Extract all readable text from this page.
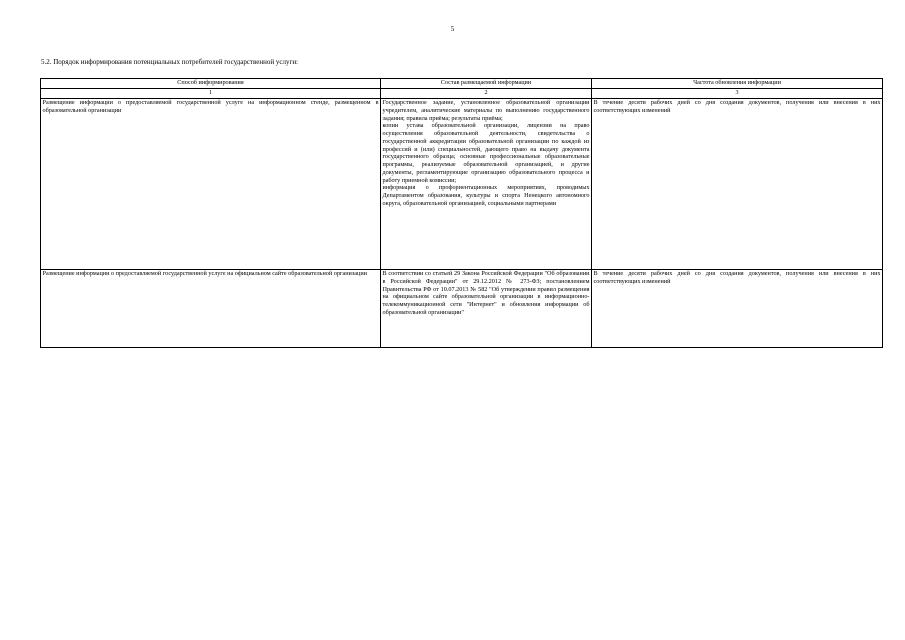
5
5.2. Порядок информирования потенциальных потребителей государственной услуги:
Способ информирования	Состав размещаемой информации	Частота обновления информации
1	2	3
Размещение информации о предоставляемой государственной услуге на информационном стенде, размещенном в образовательной организации	Государственное задание, установленное образовательной организации учредителем, аналитические материалы по выполнению государственного задания; правила приёма; результаты приёма;
копии устава образовательной организации, лицензии на право осуществления образовательной деятельности, свидетельства о государственной аккредитации образовательной организации по каждой из профессий и (или) специальностей, дающего право на выдачу документа государственного образца; основные профессиональные образовательные программы, реализуемые образовательной организацией, и другие документы, регламентирующие организацию образовательного процесса и работу приемной комиссии;
информация о профориентационных мероприятиях, проводимых Департаментом образования, культуры и спорта Ненецкого автономного округа, образовательной организацией, социальными партнерами	В течение десяти рабочих дней со дня создания документов, получения или внесения в них соответствующих изменений
Размещение информации о предоставляемой государственной услуге на официальном сайте образовательной организации	В соответствии со статьей 29 Закона Российской Федерации "Об образовании в Российской Федерации" от 29.12.2012 № 273-ФЗ; постановлением Правительства РФ от 10.07.2013 № 582 "Об утверждении правил размещения на официальном сайте образовательной организации в информационно-телекоммуникационной сети "Интернет" и обновления информации об образовательной организации"	В течение десяти рабочих дней со дня создания документов, получения или внесения в них соответствующих изменений
